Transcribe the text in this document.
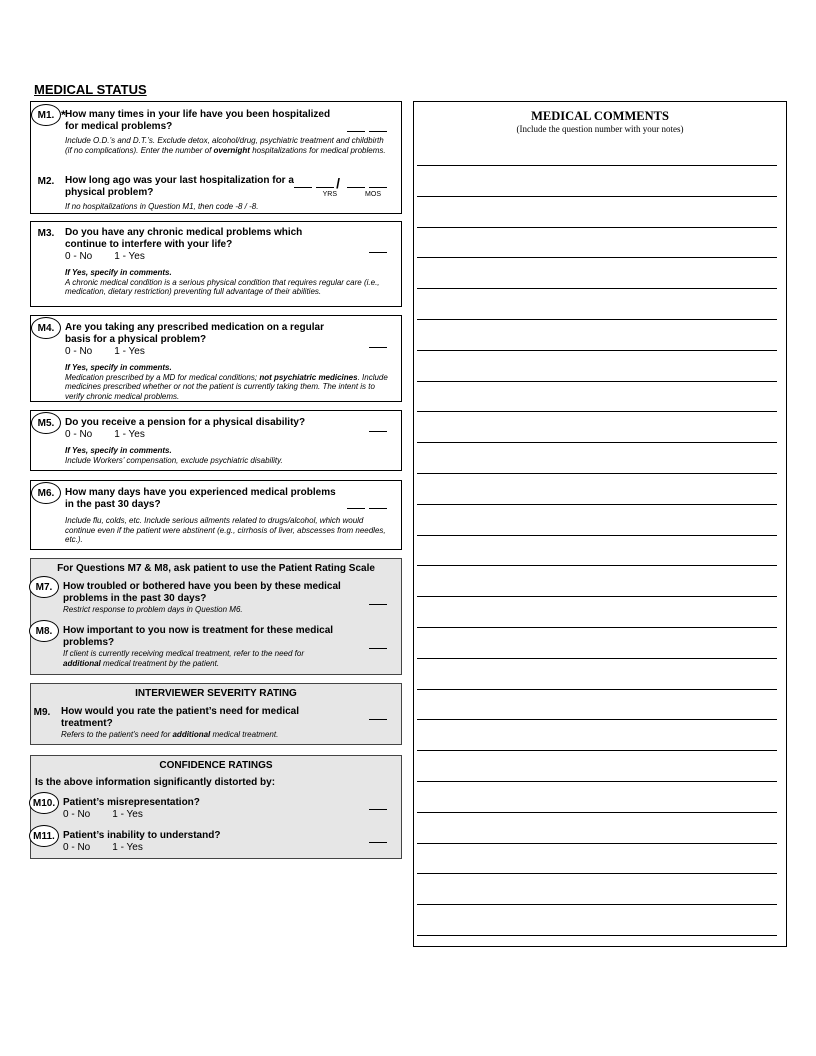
MEDICAL STATUS
M1. * How many times in your life have you been hospitalized for medical problems?
Include O.D.’s and D.T.’s. Exclude detox, alcohol/drug, psychiatric treatment and childbirth (if no complications). Enter the number of overnight hospitalizations for medical problems.
M2.	How long ago was your last hospitalization for a physical problem?
If no hospitalizations in Question M1, then code -8 / -8.
/
YRS	MOS
M3.	Do you have any chronic medical problems which continue to interfere with your life?
0 - No 1 - Yes
If Yes, specify in comments.
A chronic medical condition is a serious physical condition that requires regular care (i.e., medication, dietary restriction) preventing full advantage of their abilities.
M4.	Are you taking any prescribed medication on a regular basis for a physical problem?
0 - No 1 - Yes
If Yes, specify in comments.
Medication prescribed by a MD for medical conditions; not psychiatric medicines. Include medicines prescribed whether or not the patient is currently taking them. The intent is to verify chronic medical problems.
M5.	Do you receive a pension for a physical disability?
0 - No 1 - Yes
If Yes, specify in comments.
Include Workers’ compensation, exclude psychiatric disability.
M6.	How many days have you experienced medical problems in the past 30 days?
Include flu, colds, etc. Include serious ailments related to drugs/alcohol, which would continue even if the patient were abstinent (e.g., cirrhosis of liver, abscesses from needles, etc.).
For Questions M7 & M8, ask patient to use the Patient Rating Scale
M7.	How troubled or bothered have you been by these medical problems in the past 30 days?
Restrict response to problem days in Question M6.
M8.	How important to you now is treatment for these medical problems?
If client is currently receiving medical treatment, refer to the need for
additional medical treatment by the patient.
INTERVIEWER SEVERITY RATING
M9.	How would you rate the patient’s need for medical treatment?
Refers to the patient’s need for additional medical treatment.
CONFIDENCE RATINGS
Is the above information significantly distorted by:
M10. Patient’s misrepresentation?
0 - No 1 - Yes
M11. Patient’s inability to understand?
0 - No 1 - Yes
MEDICAL COMMENTS
(Include the question number with your notes)
